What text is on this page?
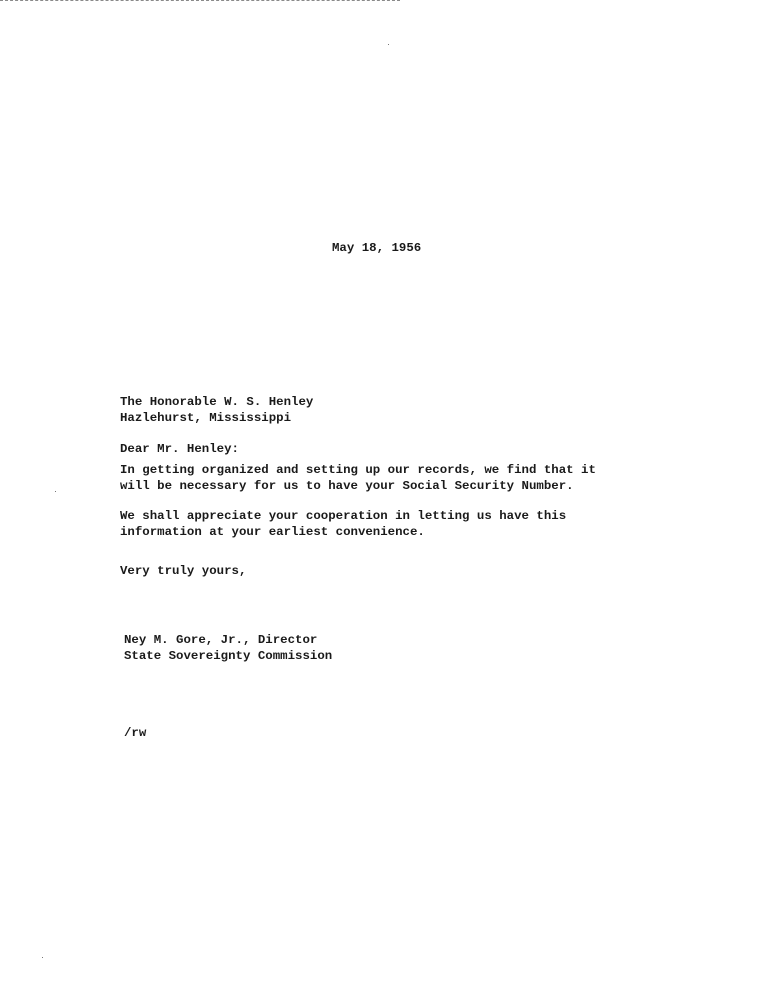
May 18, 1956
The Honorable W. S. Henley
Hazlehurst, Mississippi
Dear Mr. Henley:
In getting organized and setting up our records, we find that it
will be necessary for us to have your Social Security Number.
We shall appreciate your cooperation in letting us have this
information at your earliest convenience.
Very truly yours,
Ney M. Gore, Jr., Director
State Sovereignty Commission
/rw
